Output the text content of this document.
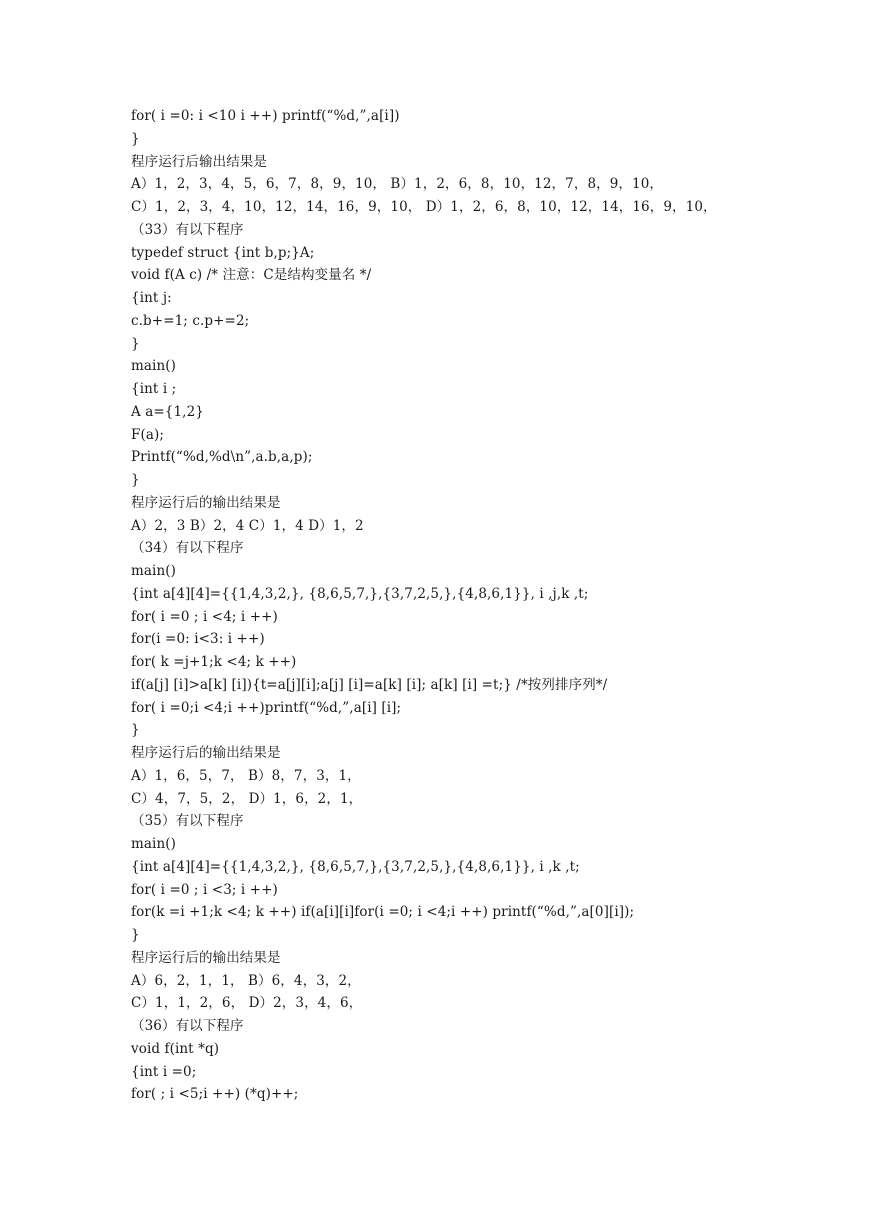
for( i =0: i <10 i ++) printf(“%d,”,a[i])
}
程序运行后输出结果是
A）1，2，3，4，5，6，7，8，9，10， B）1，2，6，8，10，12，7，8，9，10，
C）1，2，3，4，10，12，14，16，9，10， D）1，2，6，8，10，12，14，16，9，10，
（33）有以下程序
typedef struct {int b,p;}A;
void f(A c) /* 注意：C是结构变量名 */
{int j:
c.b+=1; c.p+=2;
}
main()
{int i ;
A a={1,2}
F(a);
Printf(“%d,%d\n”,a.b,a,p);
}
程序运行后的输出结果是
A）2，3 B）2，4 C）1，4 D）1，2
（34）有以下程序
main()
{int a[4][4]={{1,4,3,2,}, {8,6,5,7,},{3,7,2,5,},{4,8,6,1}}, i ,j,k ,t;
for( i =0 ; i <4; i ++)
for(i =0: i<3: i ++)
for( k =j+1;k <4; k ++)
if(a[j] [i]>a[k] [i]){t=a[j][i];a[j] [i]=a[k] [i]; a[k] [i] =t;} /*按列排序列*/
for( i =0;i <4;i ++)printf(“%d,”,a[i] [i];
}
程序运行后的输出结果是
A）1，6，5，7， B）8，7，3，1，
C）4，7，5，2， D）1，6，2，1，
（35）有以下程序
main()
{int a[4][4]={{1,4,3,2,}, {8,6,5,7,},{3,7,2,5,},{4,8,6,1}}, i ,k ,t;
for( i =0 ; i <3; i ++)
for(k =i +1;k <4; k ++) if(a[i][i]for(i =0; i <4;i ++) printf(“%d,”,a[0][i]);
}
程序运行后的输出结果是
A）6，2，1，1， B）6，4，3，2，
C）1，1，2，6， D）2，3，4，6，
（36）有以下程序
void f(int *q)
{int i =0;
for( ; i <5;i ++) (*q)++;
